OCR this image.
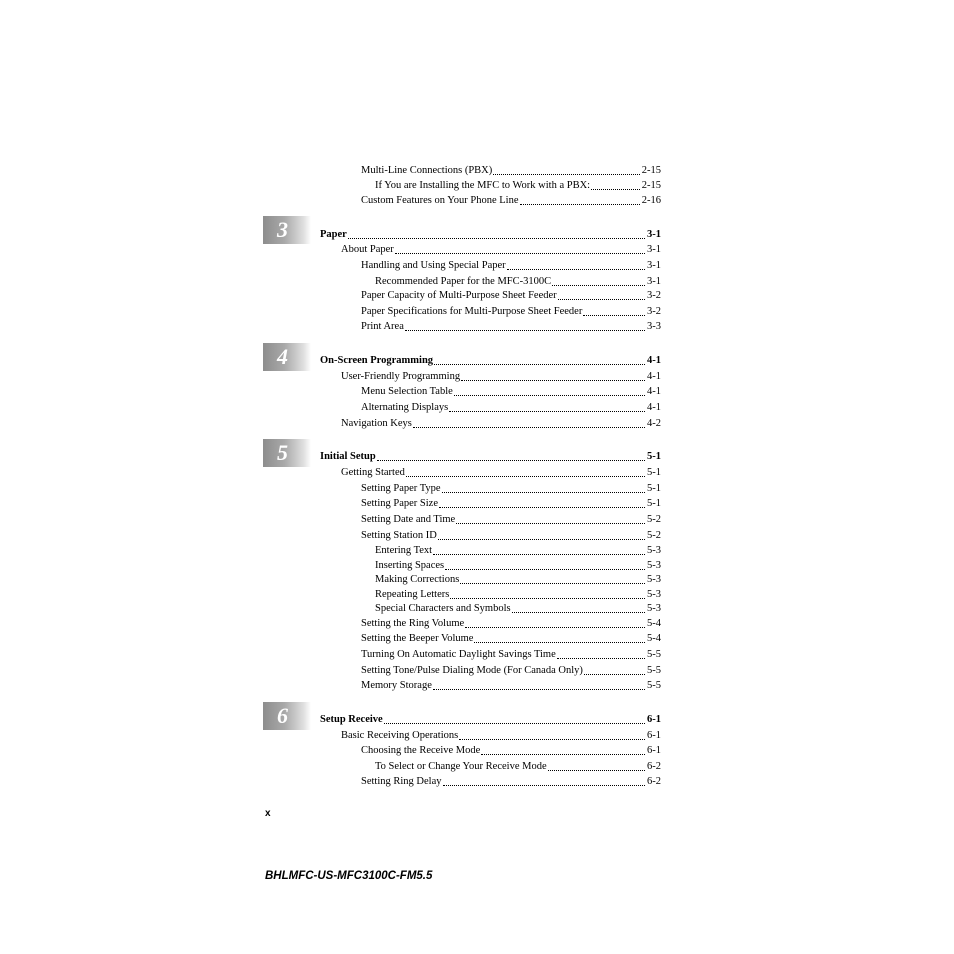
Multi-Line Connections (PBX)	2-15
If You are Installing the MFC to Work with a PBX:	2-15
Custom Features on Your Phone Line	2-16
3	Paper	3-1
About Paper	3-1
Handling and Using Special Paper	3-1
Recommended Paper for the MFC-3100C	3-1
Paper Capacity of Multi-Purpose Sheet Feeder	3-2
Paper Specifications for Multi-Purpose Sheet Feeder	3-2
Print Area	3-3
4	On-Screen Programming	4-1
User-Friendly Programming	4-1
Menu Selection Table	4-1
Alternating Displays	4-1
Navigation Keys	4-2
5	Initial Setup	5-1
Getting Started	5-1
Setting Paper Type	5-1
Setting Paper Size	5-1
Setting Date and Time	5-2
Setting Station ID	5-2
Entering Text	5-3
Inserting Spaces	5-3
Making Corrections	5-3
Repeating Letters	5-3
Special Characters and Symbols	5-3
Setting the Ring Volume	5-4
Setting the Beeper Volume	5-4
Turning On Automatic Daylight Savings Time	5-5
Setting Tone/Pulse Dialing Mode (For Canada Only)	5-5
Memory Storage	5-5
6	Setup Receive	6-1
Basic Receiving Operations	6-1
Choosing the Receive Mode	6-1
To Select or Change Your Receive Mode	6-2
Setting Ring Delay	6-2
x
BHLMFC-US-MFC3100C-FM5.5
